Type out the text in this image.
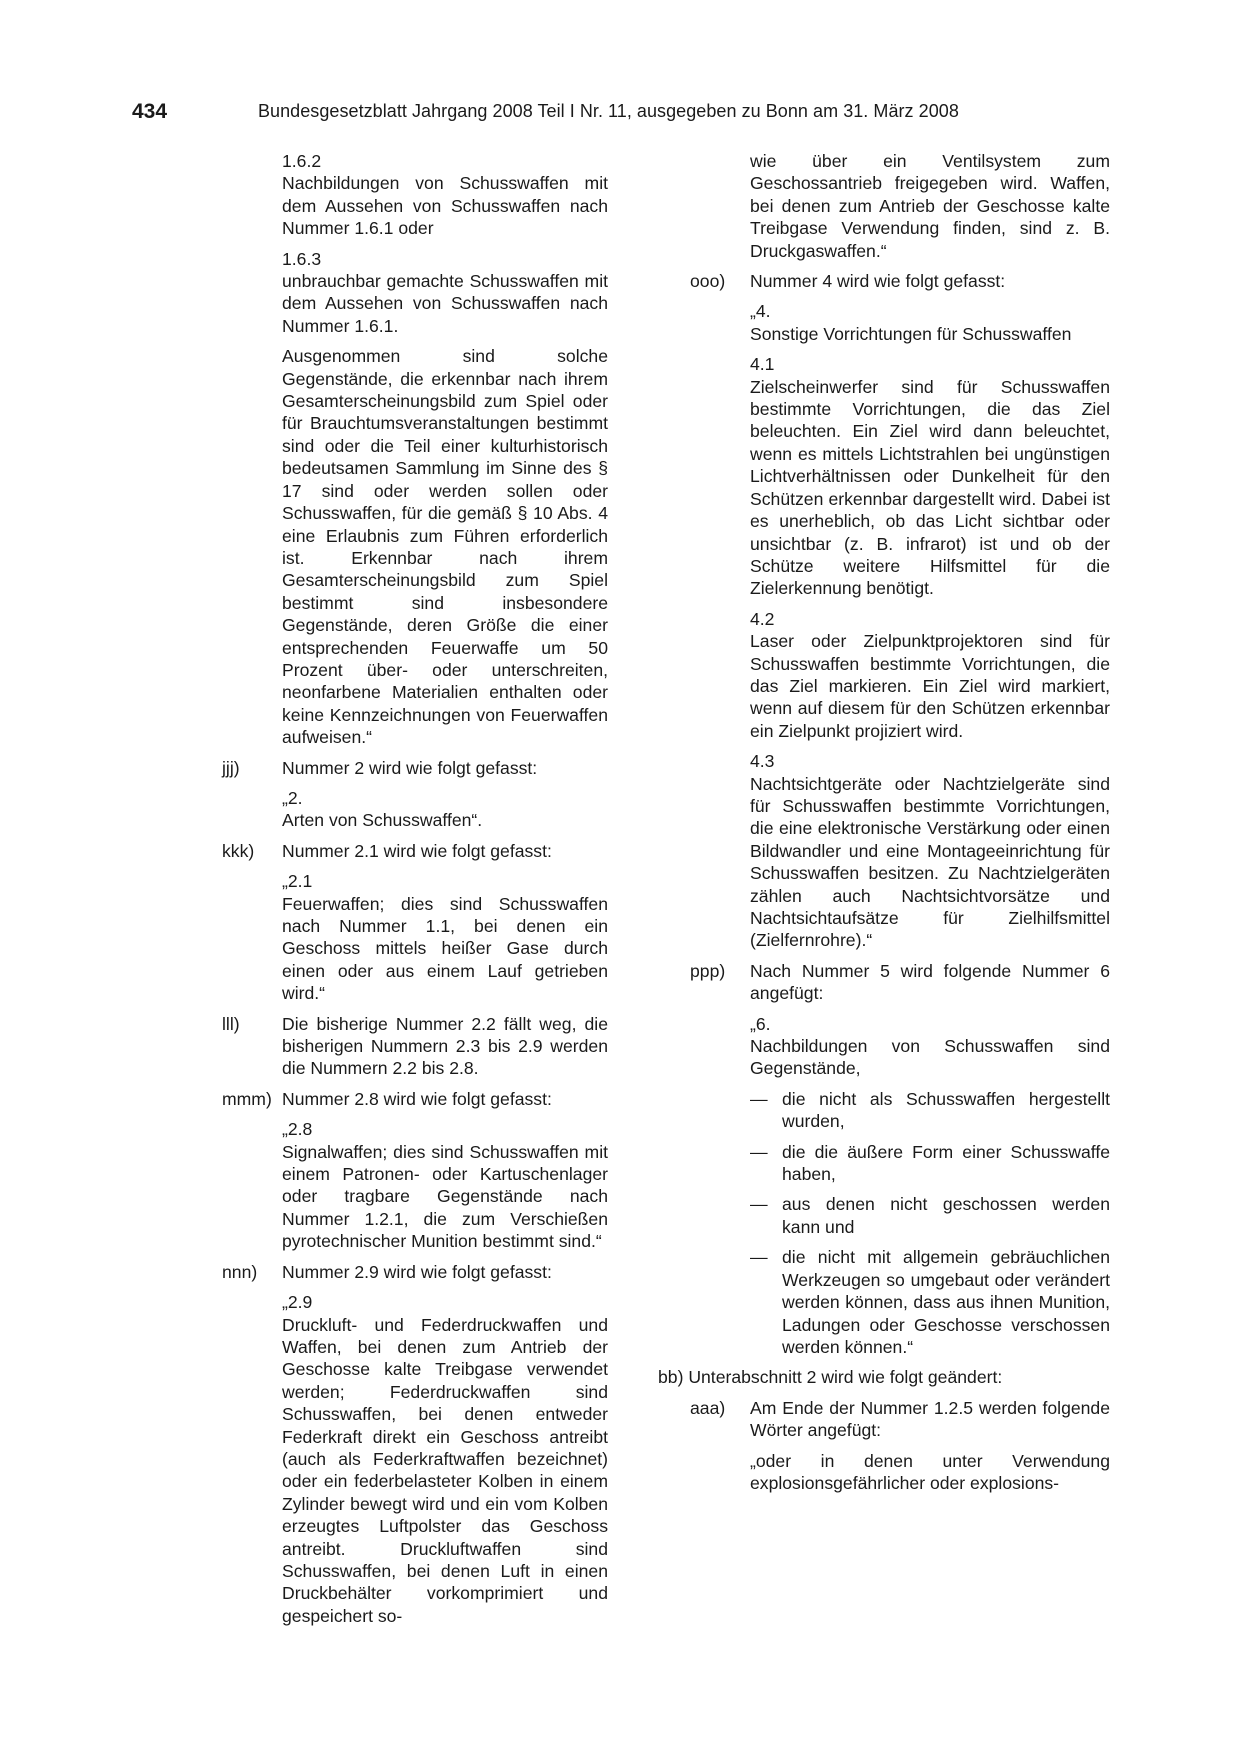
434	Bundesgesetzblatt Jahrgang 2008 Teil I Nr. 11, ausgegeben zu Bonn am 31. März 2008

1.6.2
Nachbildungen von Schusswaffen mit dem Aussehen von Schusswaffen nach Nummer 1.6.1 oder

1.6.3
unbrauchbar gemachte Schusswaffen mit dem Aussehen von Schusswaffen nach Nummer 1.6.1.

Ausgenommen sind solche Gegenstände, die erkennbar nach ihrem Gesamterscheinungsbild zum Spiel oder für Brauchtumsveranstaltungen bestimmt sind oder die Teil einer kulturhistorisch bedeutsamen Sammlung im Sinne des § 17 sind oder werden sollen oder Schusswaffen, für die gemäß § 10 Abs. 4 eine Erlaubnis zum Führen erforderlich ist. Erkennbar nach ihrem Gesamterscheinungsbild zum Spiel bestimmt sind insbesondere Gegenstände, deren Größe die einer entsprechenden Feuerwaffe um 50 Prozent über- oder unterschreiten, neonfarbene Materialien enthalten oder keine Kennzeichnungen von Feuerwaffen aufweisen.“

jjj) Nummer 2 wird wie folgt gefasst:

„2.
Arten von Schusswaffen“.

kkk) Nummer 2.1 wird wie folgt gefasst:

„2.1
Feuerwaffen; dies sind Schusswaffen nach Nummer 1.1, bei denen ein Geschoss mittels heißer Gase durch einen oder aus einem Lauf getrieben wird.“

lll) Die bisherige Nummer 2.2 fällt weg, die bisherigen Nummern 2.3 bis 2.9 werden die Nummern 2.2 bis 2.8.
mmm) Nummer 2.8 wird wie folgt gefasst:

„2.8
Signalwaffen; dies sind Schusswaffen mit einem Patronen- oder Kartuschenlager oder tragbare Gegenstände nach Nummer 1.2.1, die zum Verschießen pyrotechnischer Munition bestimmt sind.“

nnn) Nummer 2.9 wird wie folgt gefasst:

„2.9
Druckluft- und Federdruckwaffen und Waffen, bei denen zum Antrieb der Geschosse kalte Treibgase verwendet werden; Federdruckwaffen sind Schusswaffen, bei denen entweder Federkraft direkt ein Geschoss antreibt (auch als Federkraftwaffen bezeichnet) oder ein federbelasteter Kolben in einem Zylinder bewegt wird und ein vom Kolben erzeugtes Luftpolster das Geschoss antreibt. Druckluftwaffen sind Schusswaffen, bei denen Luft in einen Druckbehälter vorkomprimiert und gespeichert so-

wie über ein Ventilsystem zum Geschossantrieb freigegeben wird. Waffen, bei denen zum Antrieb der Geschosse kalte Treibgase Verwendung finden, sind z. B. Druckgaswaffen.“

ooo) Nummer 4 wird wie folgt gefasst:

„4.
Sonstige Vorrichtungen für Schusswaffen

4.1
Zielscheinwerfer sind für Schusswaffen bestimmte Vorrichtungen, die das Ziel beleuchten. Ein Ziel wird dann beleuchtet, wenn es mittels Lichtstrahlen bei ungünstigen Lichtverhältnissen oder Dunkelheit für den Schützen erkennbar dargestellt wird. Dabei ist es unerheblich, ob das Licht sichtbar oder unsichtbar (z. B. infrarot) ist und ob der Schütze weitere Hilfsmittel für die Zielerkennung benötigt.

4.2
Laser oder Zielpunktprojektoren sind für Schusswaffen bestimmte Vorrichtungen, die das Ziel markieren. Ein Ziel wird markiert, wenn auf diesem für den Schützen erkennbar ein Zielpunkt projiziert wird.

4.3
Nachtsichtgeräte oder Nachtzielgeräte sind für Schusswaffen bestimmte Vorrichtungen, die eine elektronische Verstärkung oder einen Bildwandler und eine Montageeinrichtung für Schusswaffen besitzen. Zu Nachtzielgeräten zählen auch Nachtsichtvorsätze und Nachtsichtaufsätze für Zielhilfsmittel (Zielfernrohre).“

ppp) Nach Nummer 5 wird folgende Nummer 6 angefügt:

„6.
Nachbildungen von Schusswaffen sind Gegenstände,

— die nicht als Schusswaffen hergestellt wurden,
— die die äußere Form einer Schusswaffe haben,
— aus denen nicht geschossen werden kann und
— die nicht mit allgemein gebräuchlichen Werkzeugen so umgebaut oder verändert werden können, dass aus ihnen Munition, Ladungen oder Geschosse verschossen werden können.“

bb) Unterabschnitt 2 wird wie folgt geändert:

aaa) Am Ende der Nummer 1.2.5 werden folgende Wörter angefügt:

„oder in denen unter Verwendung explosionsgefährlicher oder explosions-
